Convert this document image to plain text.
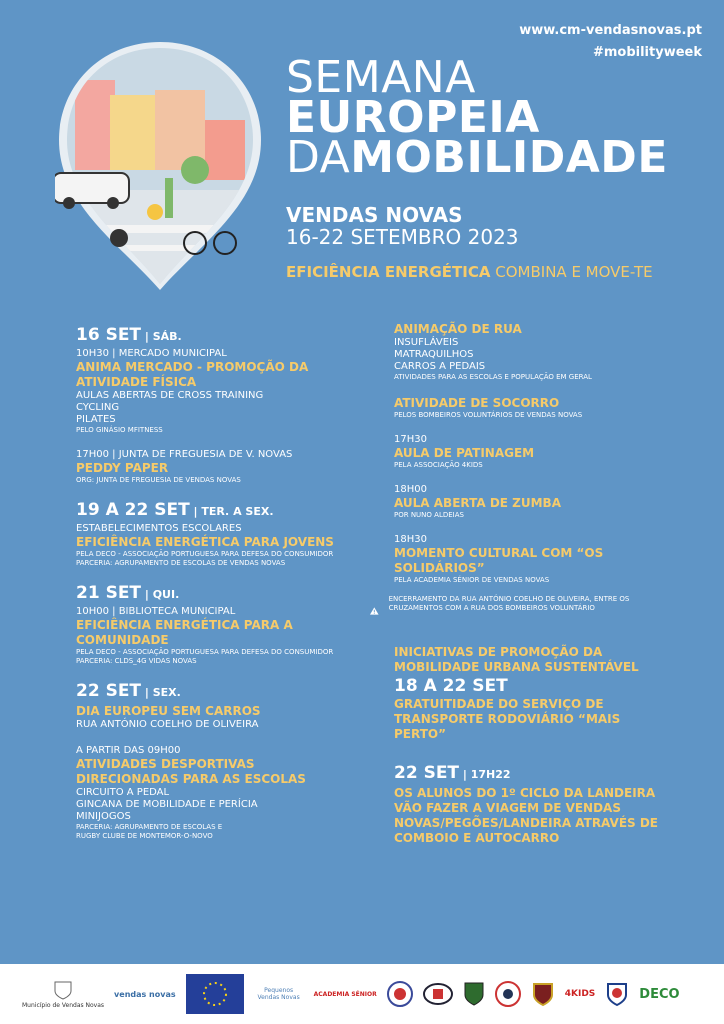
www.cm-vendasnovas.pt
#mobilityweek
SEMANA
EUROPEIA
DAMOBILIDADE
VENDAS NOVAS
16-22 SETEMBRO 2023
EFICIÊNCIA ENERGÉTICA COMBINA E MOVE-TE
16 SET | SÁB.
10H30 | MERCADO MUNICIPAL
ANIMA MERCADO - PROMOÇÃO DA ATIVIDADE FÍSICA
AULAS ABERTAS DE CROSS TRAINING
CYCLING
PILATES
PELO GINÁSIO MFITNESS
17H00 | JUNTA DE FREGUESIA DE V. NOVAS
PEDDY PAPER
ORG: JUNTA DE FREGUESIA DE VENDAS NOVAS
19 A 22 SET | TER. A SEX.
ESTABELECIMENTOS ESCOLARES
EFICIÊNCIA ENERGÉTICA PARA JOVENS
PELA DECO - ASSOCIAÇÃO PORTUGUESA PARA DEFESA DO CONSUMIDOR
PARCERIA: AGRUPAMENTO DE ESCOLAS DE VENDAS NOVAS
21 SET | QUI.
10H00 | BIBLIOTECA MUNICIPAL
EFICIÊNCIA ENERGÉTICA PARA A COMUNIDADE
PELA DECO - ASSOCIAÇÃO PORTUGUESA PARA DEFESA DO CONSUMIDOR
PARCERIA: CLDS_4G VIDAS NOVAS
22 SET | SEX.
DIA EUROPEU SEM CARROS
RUA ANTÓNIO COELHO DE OLIVEIRA
A PARTIR DAS 09H00
ATIVIDADES DESPORTIVAS DIRECIONADAS PARA AS ESCOLAS
CIRCUITO A PEDAL
GINCANA DE MOBILIDADE E PERÍCIA
MINIJOGOS
PARCERIA: AGRUPAMENTO DE ESCOLAS E
RUGBY CLUBE DE MONTEMOR-O-NOVO
ANIMAÇÃO DE RUA
INSUFLÁVEIS
MATRAQUILHOS
CARROS A PEDAIS
ATIVIDADES PARA AS ESCOLAS E POPULAÇÃO EM GERAL
ATIVIDADE DE SOCORRO
PELOS BOMBEIROS VOLUNTÁRIOS DE VENDAS NOVAS
17H30
AULA DE PATINAGEM
PELA ASSOCIAÇÃO 4KIDS
18H00
AULA ABERTA DE ZUMBA
POR NUNO ALDEIAS
18H30
MOMENTO CULTURAL COM “OS SOLIDÁRIOS”
PELA ACADEMIA SÉNIOR DE VENDAS NOVAS
ENCERRAMENTO DA RUA ANTÓNIO COELHO DE OLIVEIRA, ENTRE OS CRUZAMENTOS COM A RUA DOS BOMBEIROS VOLUNTÁRIO
INICIATIVAS DE PROMOÇÃO DA MOBILIDADE URBANA SUSTENTÁVEL
18 A 22 SET
GRATUITIDADE DO SERVIÇO DE TRANSPORTE RODOVIÁRIO “MAIS PERTO”
22 SET | 17H22
OS ALUNOS DO 1º CICLO DA LANDEIRA VÃO FAZER A VIAGEM DE VENDAS NOVAS/PEGÕES/LANDEIRA ATRAVÉS DE COMBOIO E AUTOCARRO
Município de Vendas Novas
vendas novas	Pequenos Vendas Novas	ACADEMIA SÉNIOR	4KIDS	DECO
